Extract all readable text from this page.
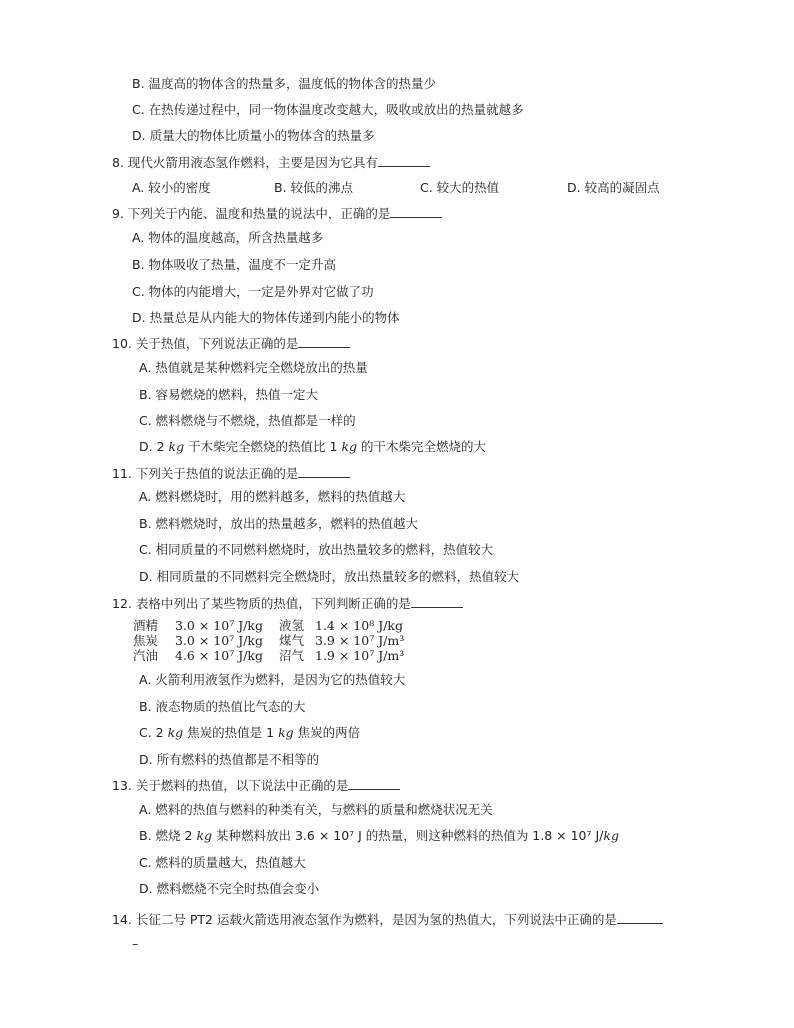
B. 温度高的物体含的热量多，温度低的物体含的热量少
C. 在热传递过程中，同一物体温度改变越大，吸收或放出的热量就越多
D. 质量大的物体比质量小的物体含的热量多
8. 现代火箭用液态氢作燃料，主要是因为它具有
A. 较小的密度	B. 较低的沸点	C. 较大的热值	D. 较高的凝固点
9. 下列关于内能、温度和热量的说法中，正确的是
A. 物体的温度越高，所含热量越多
B. 物体吸收了热量，温度不一定升高
C. 物体的内能增大，一定是外界对它做了功
D. 热量总是从内能大的物体传递到内能小的物体
10. 关于热值，下列说法正确的是
A. 热值就是某种燃料完全燃烧放出的热量
B. 容易燃烧的燃料，热值一定大
C. 燃料燃烧与不燃烧，热值都是一样的
D. 2 kg 干木柴完全燃烧的热值比 1 kg 的干木柴完全燃烧的大
11. 下列关于热值的说法正确的是
A. 燃料燃烧时，用的燃料越多，燃料的热值越大
B. 燃料燃烧时，放出的热量越多，燃料的热值越大
C. 相同质量的不同燃料燃烧时，放出热量较多的燃料，热值较大
D. 相同质量的不同燃料完全燃烧时，放出热量较多的燃料，热值较大
12. 表格中列出了某些物质的热值，下列判断正确的是
酒精 3.0 × 10⁷ J/kg 液氢 1.4 × 10⁸ J/kg
焦炭 3.0 × 10⁷ J/kg 煤气 3.9 × 10⁷ J/m³
汽油 4.6 × 10⁷ J/kg 沼气 1.9 × 10⁷ J/m³
A. 火箭利用液氢作为燃料，是因为它的热值较大
B. 液态物质的热值比气态的大
C. 2 kg 焦炭的热值是 1 kg 焦炭的两倍
D. 所有燃料的热值都是不相等的
13. 关于燃料的热值，以下说法中正确的是
A. 燃料的热值与燃料的种类有关，与燃料的质量和燃烧状况无关
B. 燃烧 2 kg 某种燃料放出 3.6 × 10⁷ J 的热量，则这种燃料的热值为 1.8 × 10⁷ J/kg
C. 燃料的质量越大，热值越大
D. 燃料燃烧不完全时热值会变小
14. 长征二号 PT2 运载火箭选用液态氢作为燃料，是因为氢的热值大，下列说法中正确的是
–
